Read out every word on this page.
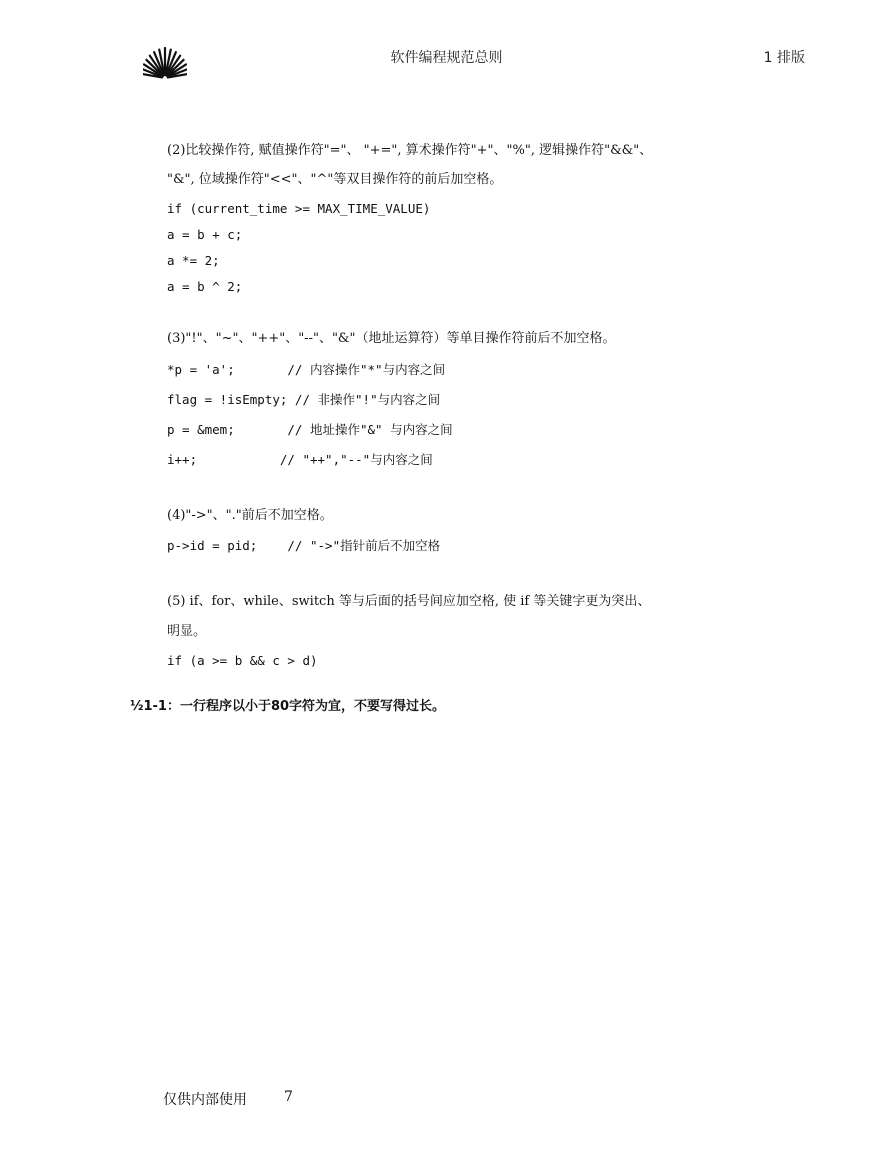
软件编程规范总则	1 排版
(2)比较操作符, 赋值操作符"="、 "+=", 算术操作符"+"、"%", 逻辑操作符"&&"、
"&", 位域操作符"<<"、"^"等双目操作符的前后加空格。
if (current_time >= MAX_TIME_VALUE)
a = b + c;
a *= 2;
a = b ^ 2;
(3)"!"、"~"、"++"、"--"、"&"（地址运算符）等单目操作符前后不加空格。
*p = 'a';       // 内容操作"*"与内容之间
flag = !isEmpty; // 非操作"!"与内容之间
p = &mem;       // 地址操作"&" 与内容之间
i++;           // "++","--"与内容之间
(4)"->"、"."前后不加空格。
p->id = pid;    // "->"指针前后不加空格
(5) if、for、while、switch 等与后面的括号间应加空格, 使 if 等关键字更为突出、
明显。
if (a >= b && c > d)
½1-1：一行程序以小于80字符为宜，不要写得过长。
仅供内部使用	7
